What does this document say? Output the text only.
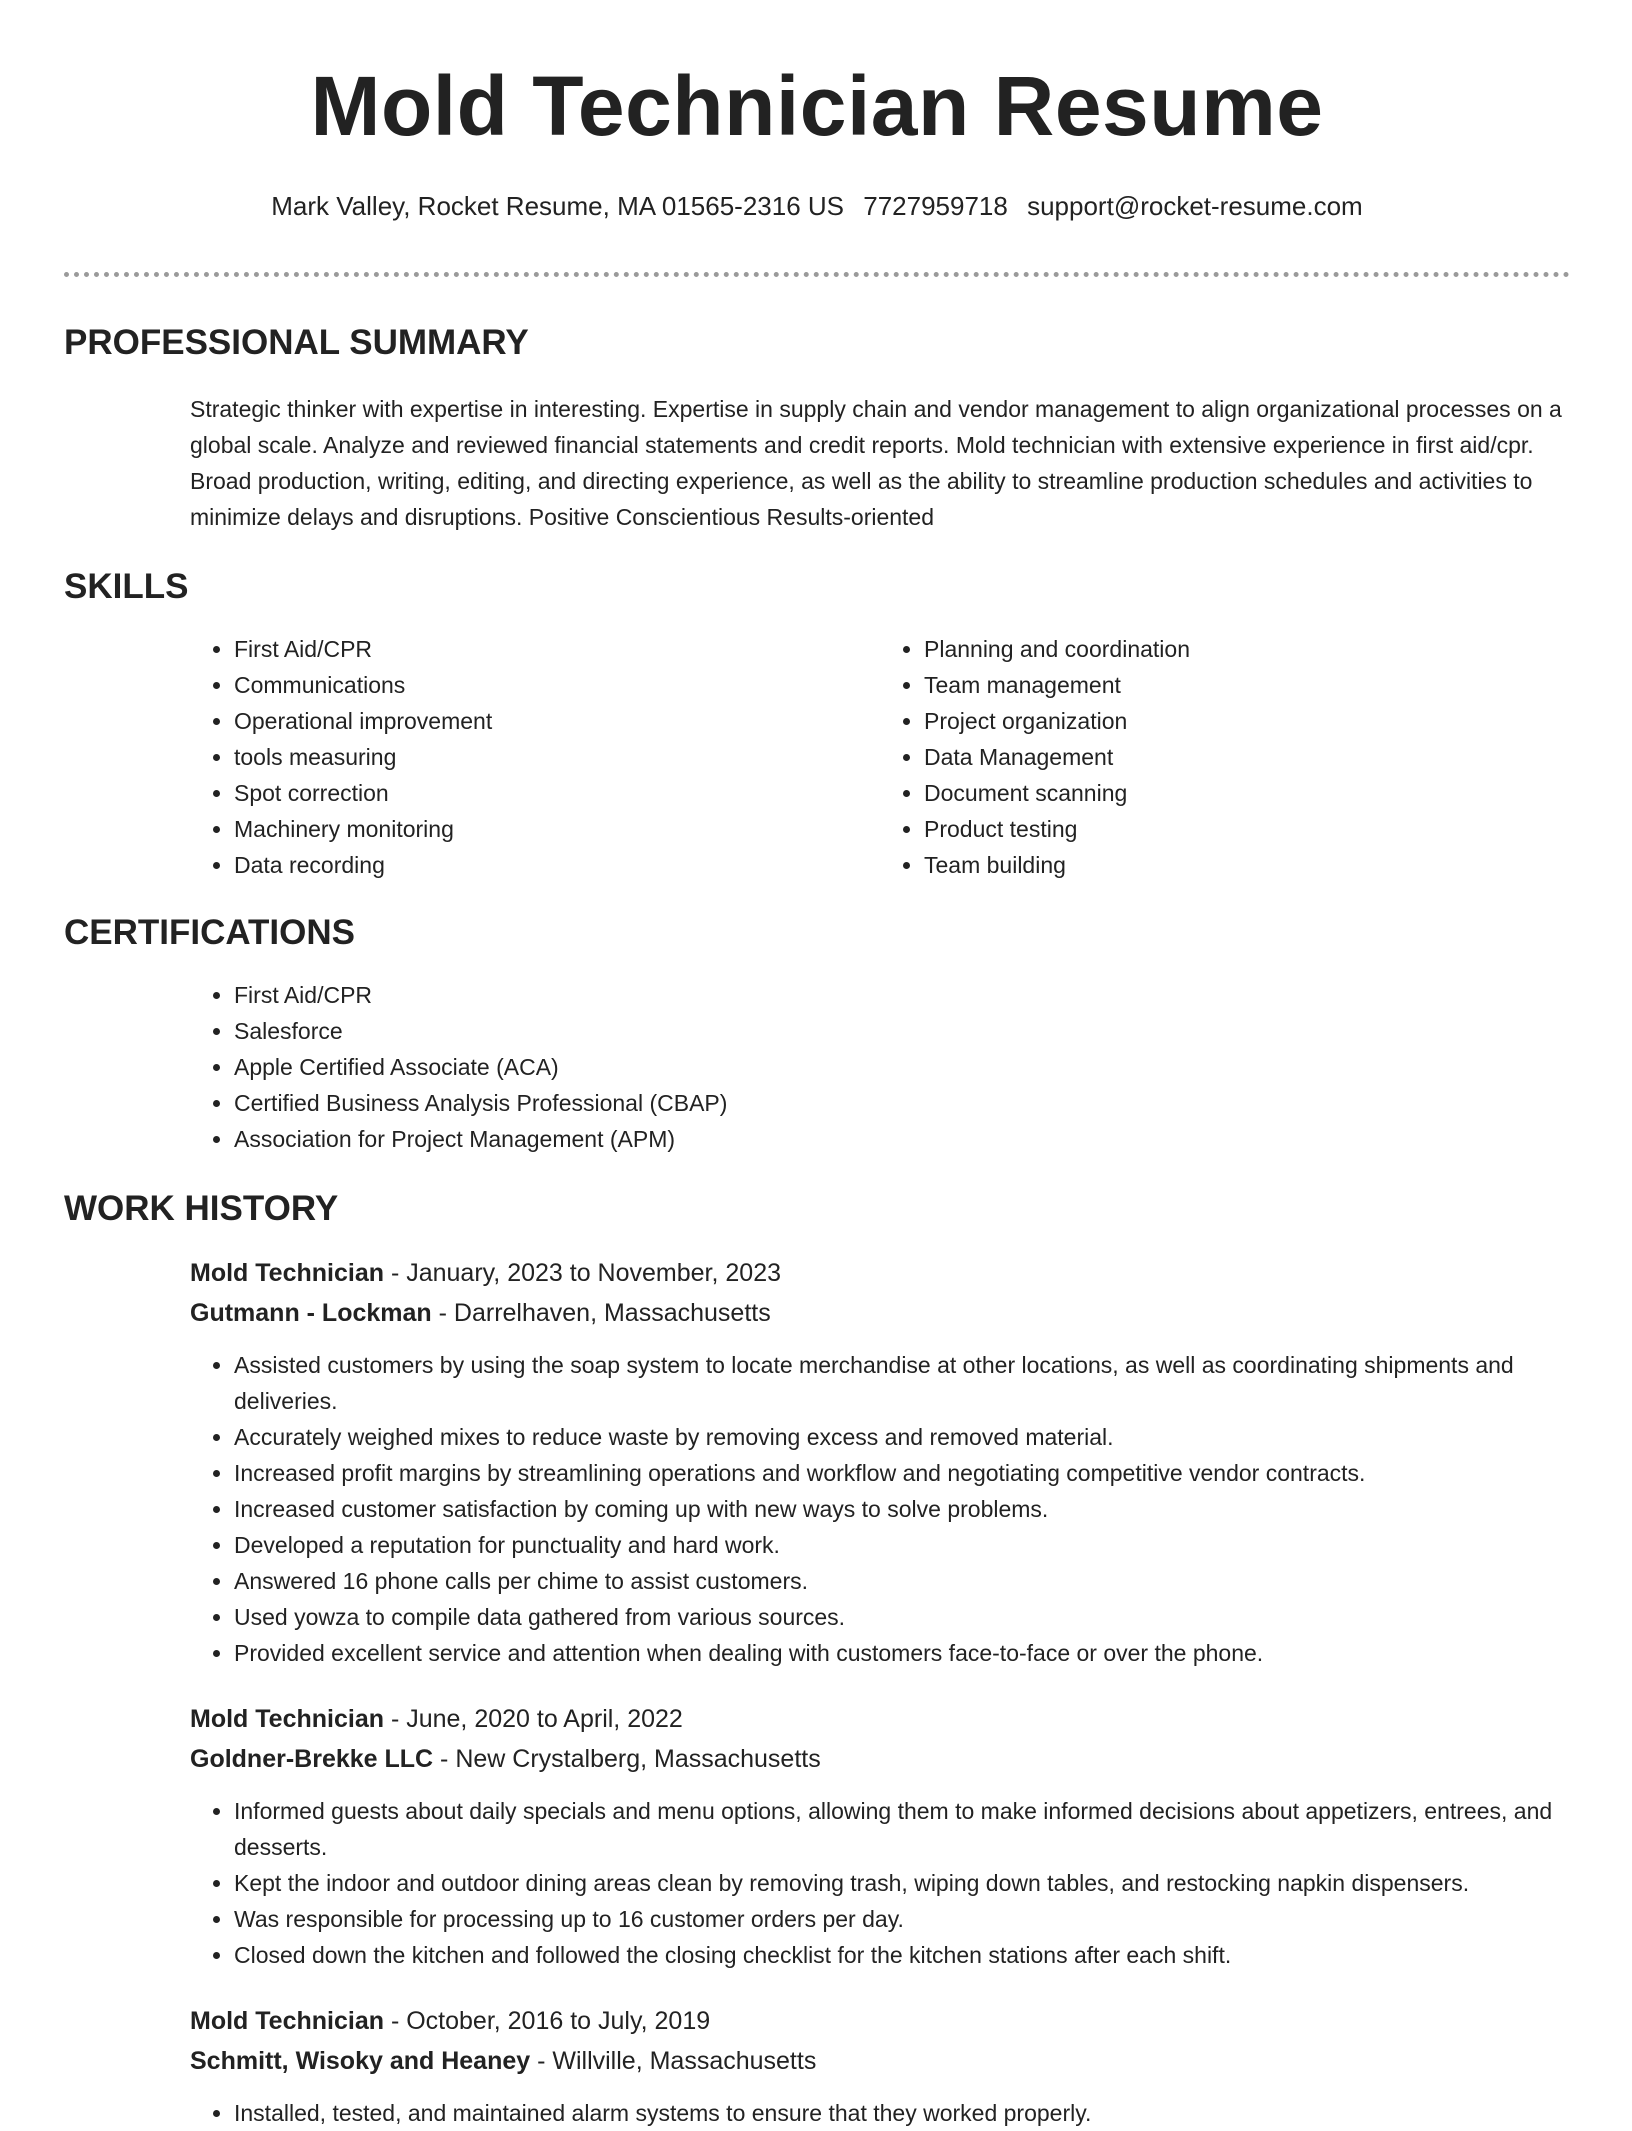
Mold Technician Resume
Mark Valley, Rocket Resume, MA 01565-2316 US 7727959718 support@rocket-resume.com
PROFESSIONAL SUMMARY

Strategic thinker with expertise in interesting. Expertise in supply chain and vendor management to align organizational processes on a global scale. Analyze and reviewed financial statements and credit reports. Mold technician with extensive experience in first aid/cpr. Broad production, writing, editing, and directing experience, as well as the ability to streamline production schedules and activities to minimize delays and disruptions. Positive Conscientious Results-oriented

SKILLS
• First Aid/CPR
• Communications
• Operational improvement
• tools measuring
• Spot correction
• Machinery monitoring
• Data recording
• Planning and coordination
• Team management
• Project organization
• Data Management
• Document scanning
• Product testing
• Team building
CERTIFICATIONS
• First Aid/CPR
• Salesforce
• Apple Certified Associate (ACA)
• Certified Business Analysis Professional (CBAP)
• Association for Project Management (APM)
WORK HISTORY
Mold Technician - January, 2023 to November, 2023
Gutmann - Lockman - Darrelhaven, Massachusetts
• Assisted customers by using the soap system to locate merchandise at other locations, as well as coordinating shipments and deliveries.
• Accurately weighed mixes to reduce waste by removing excess and removed material.
• Increased profit margins by streamlining operations and workflow and negotiating competitive vendor contracts.
• Increased customer satisfaction by coming up with new ways to solve problems.
• Developed a reputation for punctuality and hard work.
• Answered 16 phone calls per chime to assist customers.
• Used yowza to compile data gathered from various sources.
• Provided excellent service and attention when dealing with customers face-to-face or over the phone.
Mold Technician - June, 2020 to April, 2022
Goldner-Brekke LLC - New Crystalberg, Massachusetts
• Informed guests about daily specials and menu options, allowing them to make informed decisions about appetizers, entrees, and desserts.
• Kept the indoor and outdoor dining areas clean by removing trash, wiping down tables, and restocking napkin dispensers.
• Was responsible for processing up to 16 customer orders per day.
• Closed down the kitchen and followed the closing checklist for the kitchen stations after each shift.
Mold Technician - October, 2016 to July, 2019
Schmitt, Wisoky and Heaney - Willville, Massachusetts
• Installed, tested, and maintained alarm systems to ensure that they worked properly.
